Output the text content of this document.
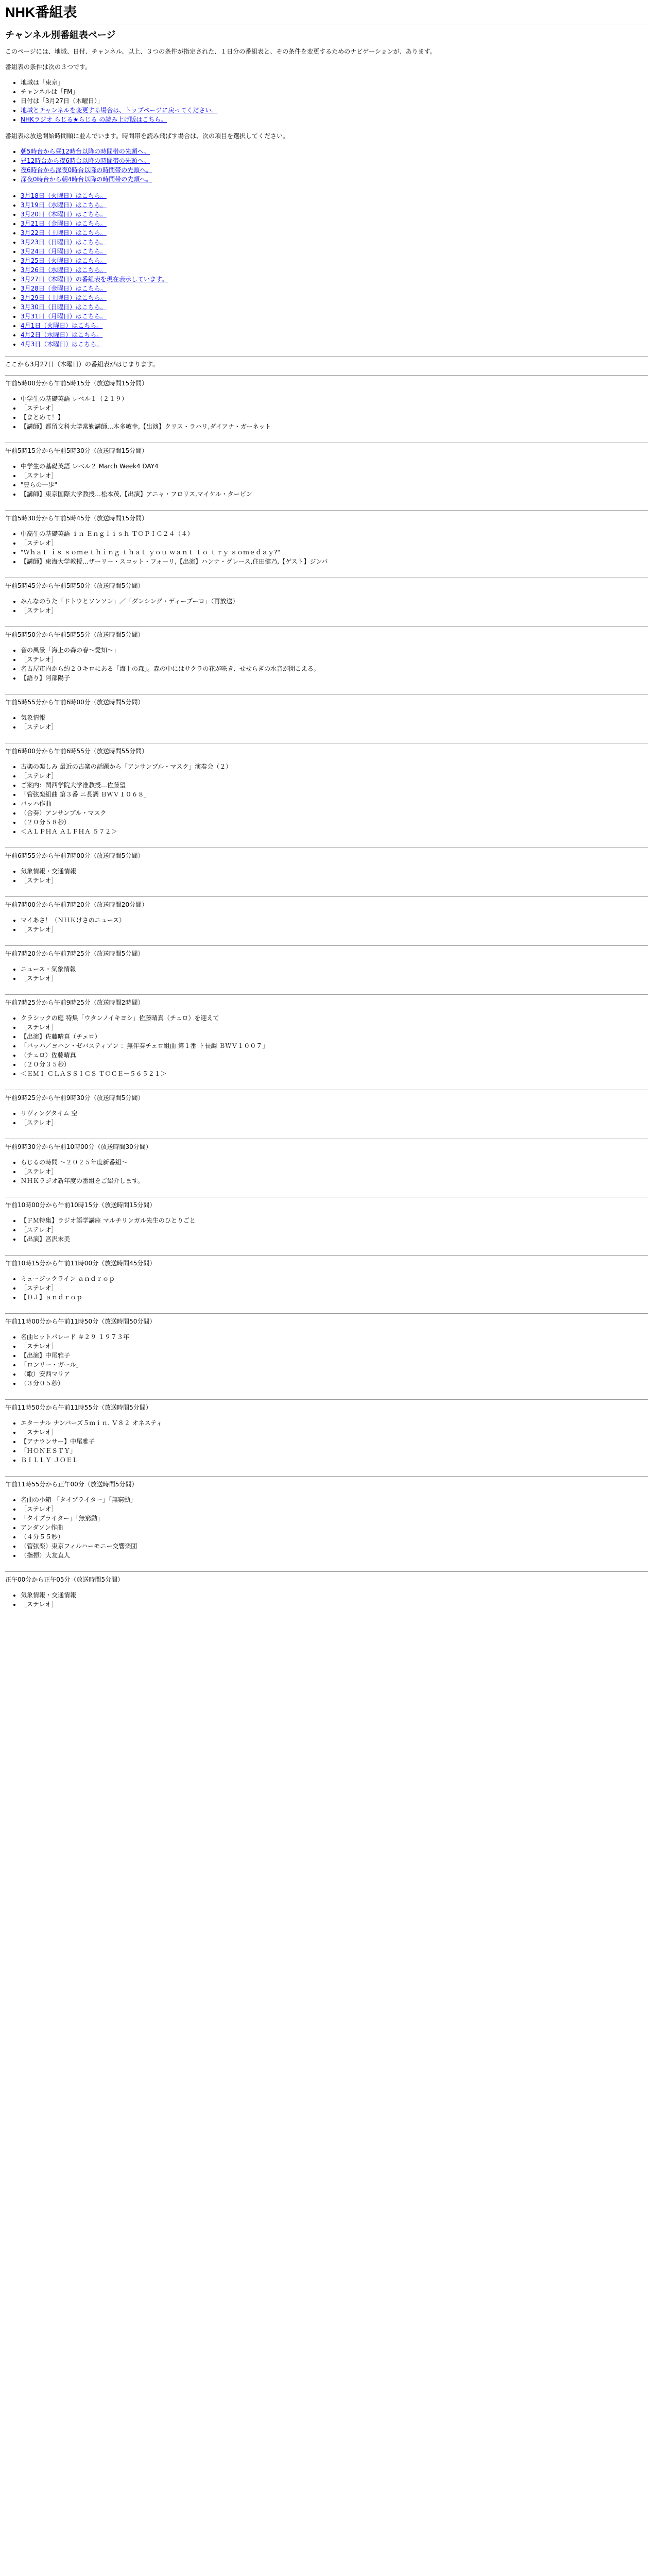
NHK番組表
チャンネル別番組表ページ

このページには、地域、日付、チャンネル、以上、３つの条件が指定された、１日分の番組表と、その条件を変更するためのナビゲーションが、あります。

番組表の条件は次の３つです。

• 地域は「東京」
• チャンネルは「FM」
• 日付は「3月27日（木曜日）」
• 地域とチャンネルを変更する場合は、トップページに戻ってください。
• NHKラジオ らじる★らじる の読み上げ版はこちら。

番組表は放送開始時間順に並んでいます。時間帯を読み飛ばす場合は、次の項目を選択してください。

• 朝5時台から昼12時台以降の時間帯の先頭へ。
• 昼12時台から夜6時台以降の時間帯の先頭へ。
• 夜6時台から深夜0時台以降の時間帯の先頭へ。
• 深夜0時台から朝4時台以降の時間帯の先頭へ。
• 3月18日（火曜日）はこちら。
• 3月19日（水曜日）はこちら。
• 3月20日（木曜日）はこちら。
• 3月21日（金曜日）はこちら。
• 3月22日（土曜日）はこちら。
• 3月23日（日曜日）はこちら。
• 3月24日（月曜日）はこちら。
• 3月25日（火曜日）はこちら。
• 3月26日（水曜日）はこちら。
• 3月27日（木曜日）の番組表を現在表示しています。
• 3月28日（金曜日）はこちら。
• 3月29日（土曜日）はこちら。
• 3月30日（日曜日）はこちら。
• 3月31日（月曜日）はこちら。
• 4月1日（火曜日）はこちら。
• 4月2日（水曜日）はこちら。
• 4月3日（木曜日）はこちら。

ここから3月27日（木曜日）の番組表がはじまります。

午前5時00分から午前5時15分（放送時間15分間）
• 中学生の基礎英語 レベル１（２１９）
• ［ステレオ］
• 【まとめて！】
• 【講師】都留文科大学常勤講師…本多敏幸,【出演】クリス・ラハリ,ダイアナ・ガーネット
午前5時15分から午前5時30分（放送時間15分間）
• 中学生の基礎英語 レベル２ March Week4 DAY4
• ［ステレオ］
• "豊らの一歩"
• 【講師】東京国際大学教授…松本茂,【出演】アニャ・フロリス,マイケル・タービン
午前5時30分から午前5時45分（放送時間15分間）
• 中高生の基礎英語 ｉｎ Ｅｎｇｌｉｓｈ ＴＯＰＩＣ２４（４）
• ［ステレオ］
• "Ｗｈａｔ ｉｓ ｓｏｍｅｔｈｉｎｇ ｔｈａｔ ｙｏｕ ｗａｎｔ ｔｏ ｔｒｙ ｓｏｍｅｄａｙ?"
• 【講師】東海大学教授…ザーリー・スコット・フォーリ,【出演】ハンナ・グレース,住田健乃,【ゲスト】ジンバ
午前5時45分から午前5時50分（放送時間5分間）
• みんなのうた「ドトウとソンソン」／「ダンシング・ディープーロ」（再放送）
• ［ステレオ］
午前5時50分から午前5時55分（放送時間5分間）
• 音の風景「海上の森の春～愛知～」
• ［ステレオ］
• 名古屋市内から約２０キロにある「海上の森」。森の中にはサクラの花が咲き、せせらぎの水音が聞こえる。
• 【語り】阿部陽子
午前5時55分から午前6時00分（放送時間5分間）
• 気象情報
• ［ステレオ］
午前6時00分から午前6時55分（放送時間55分間）
• 古楽の楽しみ 最近の古楽の話題から「アンサンブル・マスク」演奏会（２）
• ［ステレオ］
• ご案内：関西学院大学准教授…佐藤望
• 「管弦楽組曲 第３番 ニ長調 ＢＷＶ１０６８」
• バッハ作曲
• （合奏）アンサンブル・マスク
• （２０分５８秒）
• ＜ＡＬＰＨＡ ＡＬＰＨＡ ５７２＞
午前6時55分から午前7時00分（放送時間5分間）
• 気象情報・交通情報
• ［ステレオ］
午前7時00分から午前7時20分（放送時間20分間）
• マイあさ！（ＮＨＫけさのニュース）
• ［ステレオ］
午前7時20分から午前7時25分（放送時間5分間）
• ニュース・気象情報
• ［ステレオ］
午前7時25分から午前9時25分（放送時間2時間）
• クラシックの庭 特集「ウタンノイキヨシ」佐藤晴真（チェロ）を迎えて
• ［ステレオ］
• 【出演】佐藤晴真（チェロ）
• 「バッハ／ヨハン・ゼバスティアン ：無伴奏チェロ組曲 第１番 ト長調 ＢＷＶ１００７」
• （チェロ）佐藤晴真
• （２０分３５秒）
• ＜ＥＭＩ ＣＬＡＳＳＩＣＳ ＴＯＣＥ－５６５２１＞
午前9時25分から午前9時30分（放送時間5分間）
• リヴィングタイム 空
• ［ステレオ］
午前9時30分から午前10時00分（放送時間30分間）
• らじるの時間 ～２０２５年度新番組～
• ［ステレオ］
• ＮＨＫラジオ新年度の番組をご紹介します。
午前10時00分から午前10時15分（放送時間15分間）
• 【ＦＭ特集】ラジオ語学講座 マルチリンガル先生のひとりごと
• ［ステレオ］
• 【出演】宮沢末美
午前10時15分から午前11時00分（放送時間45分間）
• ミュージックライン ａｎｄｒｏｐ
• ［ステレオ］
• 【ＤＪ】ａｎｄｒｏｐ
午前11時00分から午前11時50分（放送時間50分間）
• 名曲ヒットパレード ＃２９ １９７３年
• ［ステレオ］
• 【出演】中尾雅子
• 「ロンリー・ガール」
• （歌）安西マリア
• （３分０５秒）
午前11時50分から午前11時55分（放送時間5分間）
• エタ－ナル ナンバーズ５ｍｉｎ. Ｖ８２ オネスティ
• ［ステレオ］
• 【アナウンサー】中尾雅子
• 「ＨＯＮＥＳＴＹ」
• ＢＩＬＬＹ ＪＯＥＬ
午前11時55分から正午00分（放送時間5分間）
• 名曲の小箱 「タイプライター」「無窮動」
• ［ステレオ］
• 「タイプライター」「無窮動」
• アンダソン作曲
• （４分５５秒）
• （管弦楽）東京フィルハーモニー交響楽団
• （指揮）大友直人
正午00分から正午05分（放送時間5分間）
• 気象情報・交通情報
• ［ステレオ］
